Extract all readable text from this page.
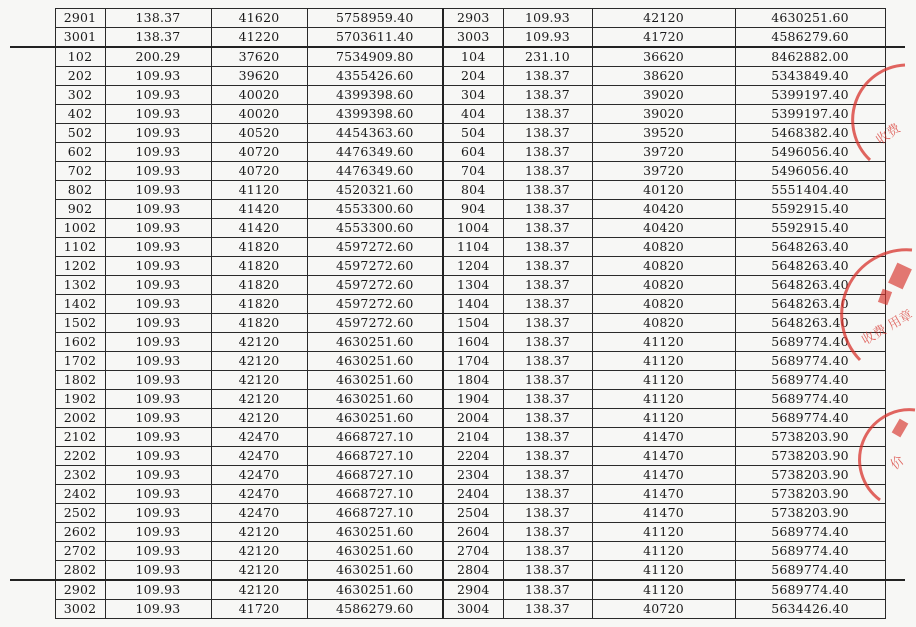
	2901	138.37	41620	5758959.40	2903	109.93	42120	4630251.60	
	3001	138.37	41220	5703611.40	3003	109.93	41720	4586279.60	
	102	200.29	37620	7534909.80	104	231.10	36620	8462882.00	
	202	109.93	39620	4355426.60	204	138.37	38620	5343849.40	
	302	109.93	40020	4399398.60	304	138.37	39020	5399197.40	
	402	109.93	40020	4399398.60	404	138.37	39020	5399197.40	
	502	109.93	40520	4454363.60	504	138.37	39520	5468382.40	
	602	109.93	40720	4476349.60	604	138.37	39720	5496056.40	
	702	109.93	40720	4476349.60	704	138.37	39720	5496056.40	
	802	109.93	41120	4520321.60	804	138.37	40120	5551404.40	
	902	109.93	41420	4553300.60	904	138.37	40420	5592915.40	
	1002	109.93	41420	4553300.60	1004	138.37	40420	5592915.40	
	1102	109.93	41820	4597272.60	1104	138.37	40820	5648263.40	
	1202	109.93	41820	4597272.60	1204	138.37	40820	5648263.40	
	1302	109.93	41820	4597272.60	1304	138.37	40820	5648263.40	
	1402	109.93	41820	4597272.60	1404	138.37	40820	5648263.40	
	1502	109.93	41820	4597272.60	1504	138.37	40820	5648263.40	
	1602	109.93	42120	4630251.60	1604	138.37	41120	5689774.40	
	1702	109.93	42120	4630251.60	1704	138.37	41120	5689774.40	
	1802	109.93	42120	4630251.60	1804	138.37	41120	5689774.40	
	1902	109.93	42120	4630251.60	1904	138.37	41120	5689774.40	
	2002	109.93	42120	4630251.60	2004	138.37	41120	5689774.40	
	2102	109.93	42470	4668727.10	2104	138.37	41470	5738203.90	
	2202	109.93	42470	4668727.10	2204	138.37	41470	5738203.90	
	2302	109.93	42470	4668727.10	2304	138.37	41470	5738203.90	
	2402	109.93	42470	4668727.10	2404	138.37	41470	5738203.90	
	2502	109.93	42470	4668727.10	2504	138.37	41470	5738203.90	
	2602	109.93	42120	4630251.60	2604	138.37	41120	5689774.40	
	2702	109.93	42120	4630251.60	2704	138.37	41120	5689774.40	
	2802	109.93	42120	4630251.60	2804	138.37	41120	5689774.40	
	2902	109.93	42120	4630251.60	2904	138.37	41120	5689774.40	
	3002	109.93	41720	4586279.60	3004	138.37	40720	5634426.40	
收费
收费 用章
价
